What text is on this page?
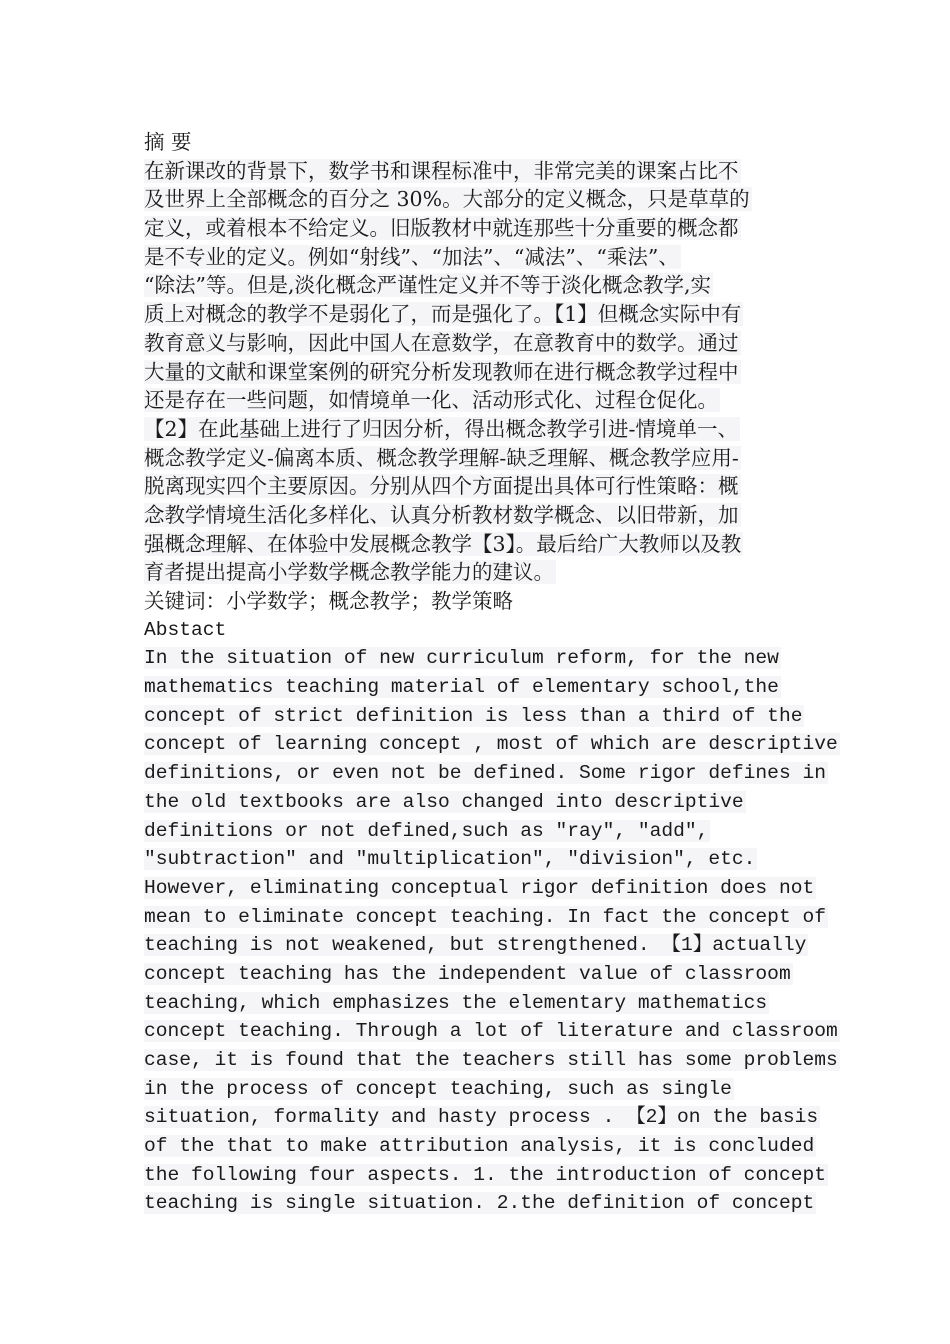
摘 要
在新课改的背景下，数学书和课程标准中，非常完美的课案占比不
及世界上全部概念的百分之 30%。大部分的定义概念，只是草草的
定义，或着根本不给定义。旧版教材中就连那些十分重要的概念都
是不专业的定义。例如“射线”、“加法”、“减法”、“乘法”、
“除法”等。但是,淡化概念严谨性定义并不等于淡化概念教学,实
质上对概念的教学不是弱化了，而是强化了。【1】但概念实际中有
教育意义与影响，因此中国人在意数学，在意教育中的数学。通过
大量的文献和课堂案例的研究分析发现教师在进行概念教学过程中
还是存在一些问题，如情境单一化、活动形式化、过程仓促化。
【2】在此基础上进行了归因分析，得出概念教学引进-情境单一、
概念教学定义-偏离本质、概念教学理解-缺乏理解、概念教学应用-
脱离现实四个主要原因。分别从四个方面提出具体可行性策略：概
念教学情境生活化多样化、认真分析教材数学概念、以旧带新，加
强概念理解、在体验中发展概念教学【3】。最后给广大教师以及教
育者提出提高小学数学概念教学能力的建议。
关键词：小学数学；概念教学；教学策略
Abstact
In the situation of new curriculum reform, for the new
mathematics teaching material of elementary school,the
concept of strict definition is less than a third of the
concept of learning concept , most of which are descriptive
definitions, or even not be defined. Some rigor defines in
the old textbooks are also changed into descriptive
definitions or not defined,such as "ray", "add",
"subtraction" and "multiplication", "division", etc.
However, eliminating conceptual rigor definition does not
mean to eliminate concept teaching. In fact the concept of
teaching is not weakened, but strengthened. 【1】actually
concept teaching has the independent value of classroom
teaching, which emphasizes the elementary mathematics
concept teaching. Through a lot of literature and classroom
case, it is found that the teachers still has some problems
in the process of concept teaching, such as single
situation, formality and hasty process . 【2】on the basis
of the that to make attribution analysis, it is concluded
the following four aspects. 1. the introduction of concept
teaching is single situation. 2.the definition of concept
